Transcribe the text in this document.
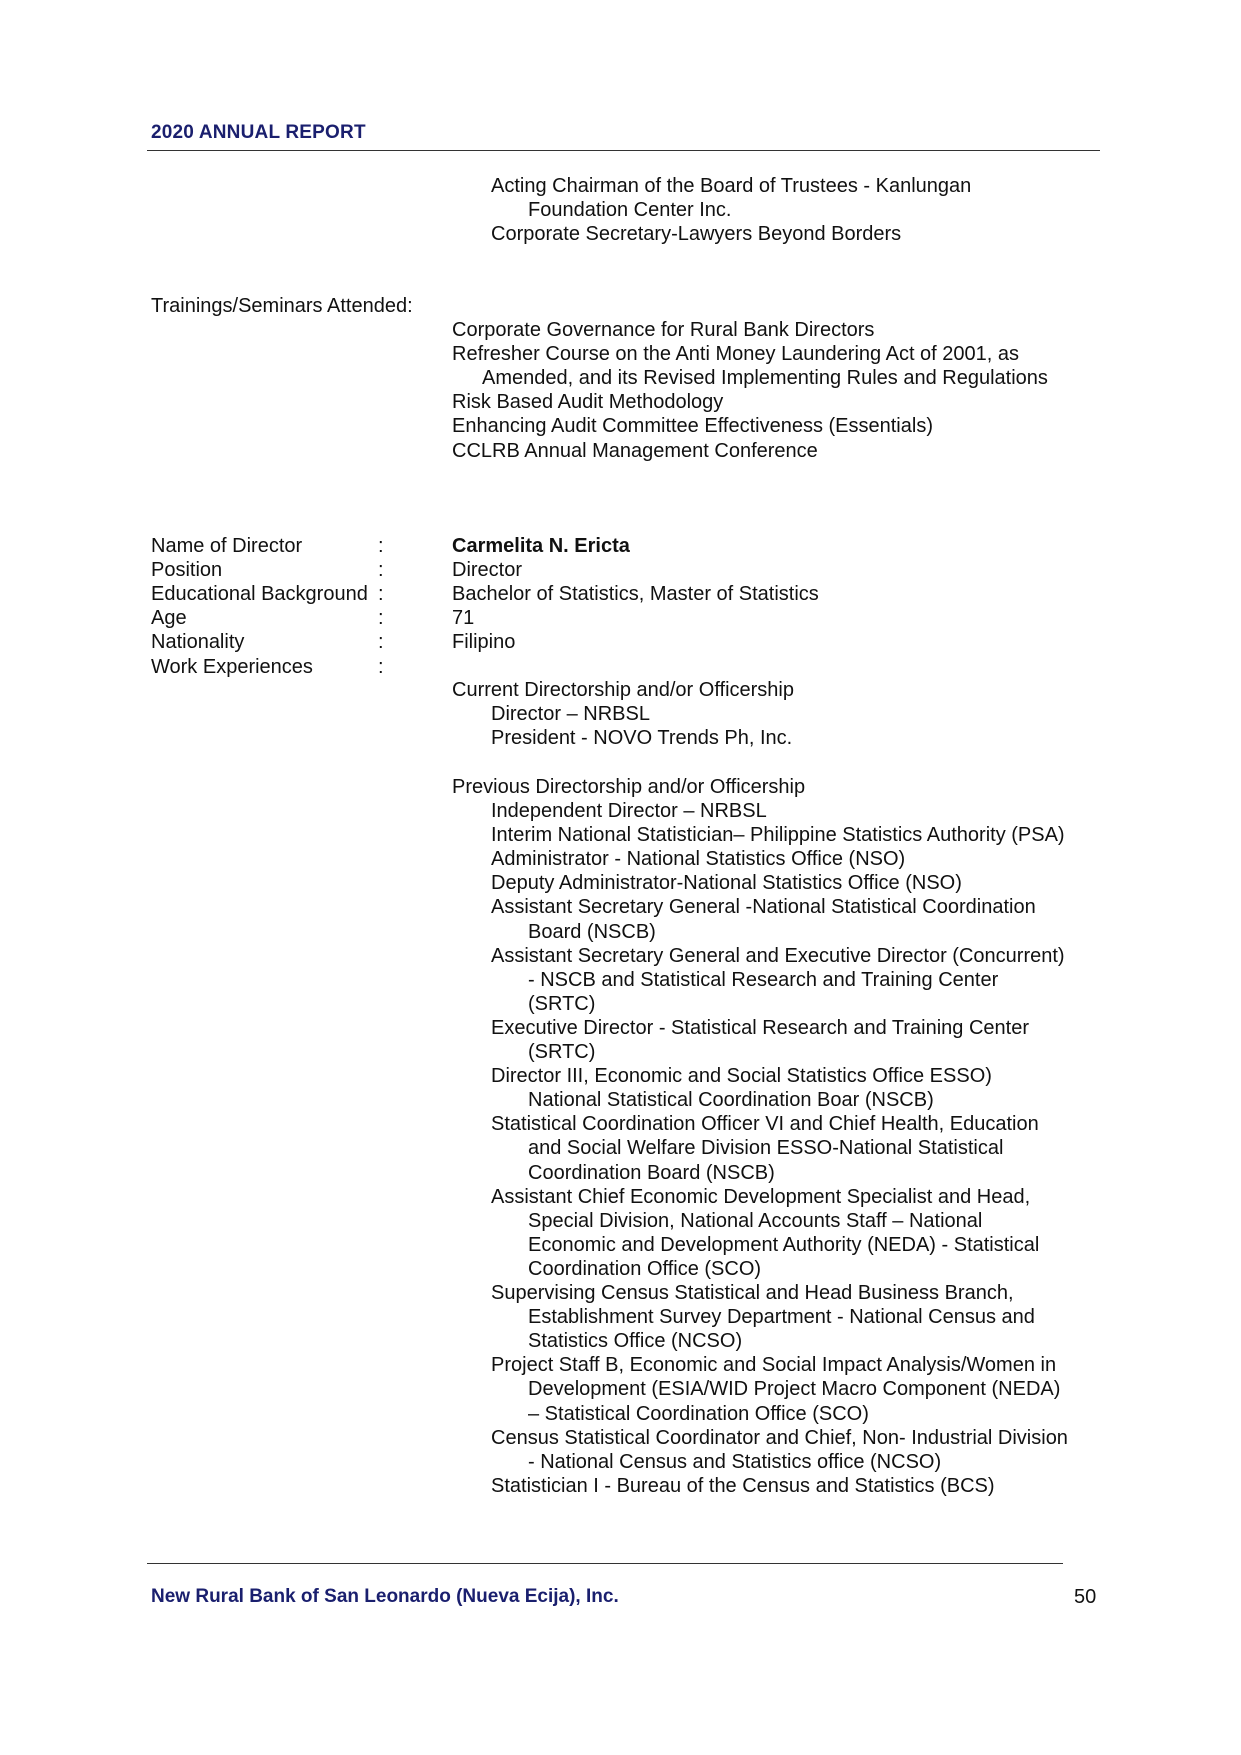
2020 ANNUAL REPORT
Acting Chairman of the Board of Trustees - Kanlungan
Foundation Center Inc.
Corporate Secretary-Lawyers Beyond Borders
Trainings/Seminars Attended:
Corporate Governance for Rural Bank Directors
Refresher Course on the Anti Money Laundering Act of 2001, as
Amended, and its Revised Implementing Rules and Regulations
Risk Based Audit Methodology
Enhancing Audit Committee Effectiveness (Essentials)
CCLRB Annual Management Conference
Name of Director	:	Carmelita N. Ericta
Position	:	Director
Educational Background :	Bachelor of Statistics, Master of Statistics
Age	:	71
Nationality	:	Filipino
Work Experiences	:
Current Directorship and/or Officership
Director – NRBSL
President - NOVO Trends Ph, Inc.
Previous Directorship and/or Officership
Independent Director – NRBSL
Interim National Statistician– Philippine Statistics Authority (PSA)
Administrator - National Statistics Office (NSO)
Deputy Administrator-National Statistics Office (NSO)
Assistant Secretary General -National Statistical Coordination
Board (NSCB)
Assistant Secretary General and Executive Director (Concurrent)
- NSCB and Statistical Research and Training Center
(SRTC)
Executive Director - Statistical Research and Training Center
(SRTC)
Director III, Economic and Social Statistics Office ESSO)
National Statistical Coordination Boar (NSCB)
Statistical Coordination Officer VI and Chief Health, Education
and Social Welfare Division ESSO-National Statistical
Coordination Board (NSCB)
Assistant Chief Economic Development Specialist and Head,
Special Division, National Accounts Staff – National
Economic and Development Authority (NEDA) - Statistical
Coordination Office (SCO)
Supervising Census Statistical and Head Business Branch,
Establishment Survey Department - National Census and
Statistics Office (NCSO)
Project Staff B, Economic and Social Impact Analysis/Women in
Development (ESIA/WID Project Macro Component (NEDA)
– Statistical Coordination Office (SCO)
Census Statistical Coordinator and Chief, Non- Industrial Division
- National Census and Statistics office (NCSO)
Statistician I - Bureau of the Census and Statistics (BCS)
New Rural Bank of San Leonardo (Nueva Ecija), Inc.	50
